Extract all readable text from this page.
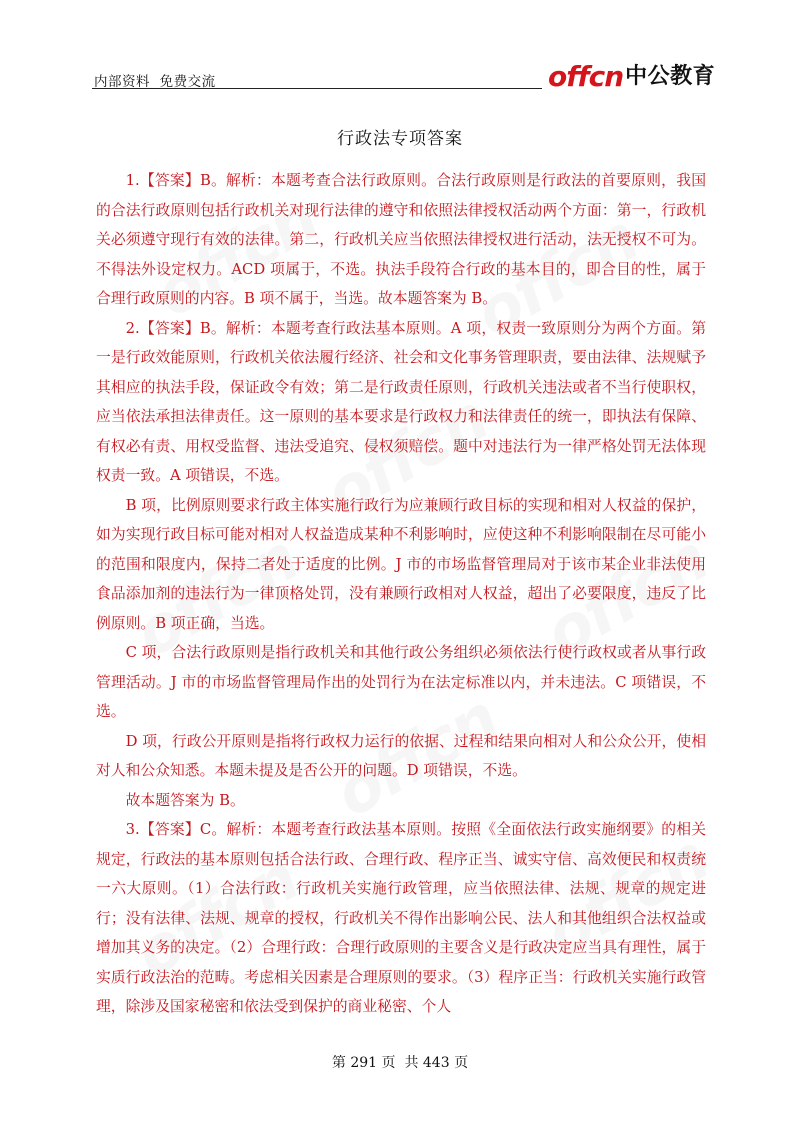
内部资料  免费交流	offcn 中公教育
行政法专项答案

1.【答案】B。解析：本题考查合法行政原则。合法行政原则是行政法的首要原则，我国的合法行政原则包括行政机关对现行法律的遵守和依照法律授权活动两个方面：第一，行政机关必须遵守现行有效的法律。第二，行政机关应当依照法律授权进行活动，法无授权不可为。不得法外设定权力。ACD 项属于，不选。执法手段符合行政的基本目的，即合目的性，属于合理行政原则的内容。B 项不属于，当选。故本题答案为 B。

2.【答案】B。解析：本题考查行政法基本原则。A 项，权责一致原则分为两个方面。第一是行政效能原则，行政机关依法履行经济、社会和文化事务管理职责，要由法律、法规赋予其相应的执法手段，保证政令有效；第二是行政责任原则，行政机关违法或者不当行使职权，应当依法承担法律责任。这一原则的基本要求是行政权力和法律责任的统一，即执法有保障、有权必有责、用权受监督、违法受追究、侵权须赔偿。题中对违法行为一律严格处罚无法体现权责一致。A 项错误，不选。

B 项，比例原则要求行政主体实施行政行为应兼顾行政目标的实现和相对人权益的保护，如为实现行政目标可能对相对人权益造成某种不利影响时，应使这种不利影响限制在尽可能小的范围和限度内，保持二者处于适度的比例。J 市的市场监督管理局对于该市某企业非法使用食品添加剂的违法行为一律顶格处罚，没有兼顾行政相对人权益，超出了必要限度，违反了比例原则。B 项正确，当选。

C 项，合法行政原则是指行政机关和其他行政公务组织必须依法行使行政权或者从事行政管理活动。J 市的市场监督管理局作出的处罚行为在法定标准以内，并未违法。C 项错误，不选。

D 项，行政公开原则是指将行政权力运行的依据、过程和结果向相对人和公众公开，使相对人和公众知悉。本题未提及是否公开的问题。D 项错误，不选。

故本题答案为 B。

3.【答案】C。解析：本题考查行政法基本原则。按照《全面依法行政实施纲要》的相关规定，行政法的基本原则包括合法行政、合理行政、程序正当、诚实守信、高效便民和权责统一六大原则。（1）合法行政：行政机关实施行政管理，应当依照法律、法规、规章的规定进行；没有法律、法规、规章的授权，行政机关不得作出影响公民、法人和其他组织合法权益或增加其义务的决定。（2）合理行政：合理行政原则的主要含义是行政决定应当具有理性，属于实质行政法治的范畴。考虑相关因素是合理原则的要求。（3）程序正当：行政机关实施行政管理，除涉及国家秘密和依法受到保护的商业秘密、个人

第 291 页  共 443 页
